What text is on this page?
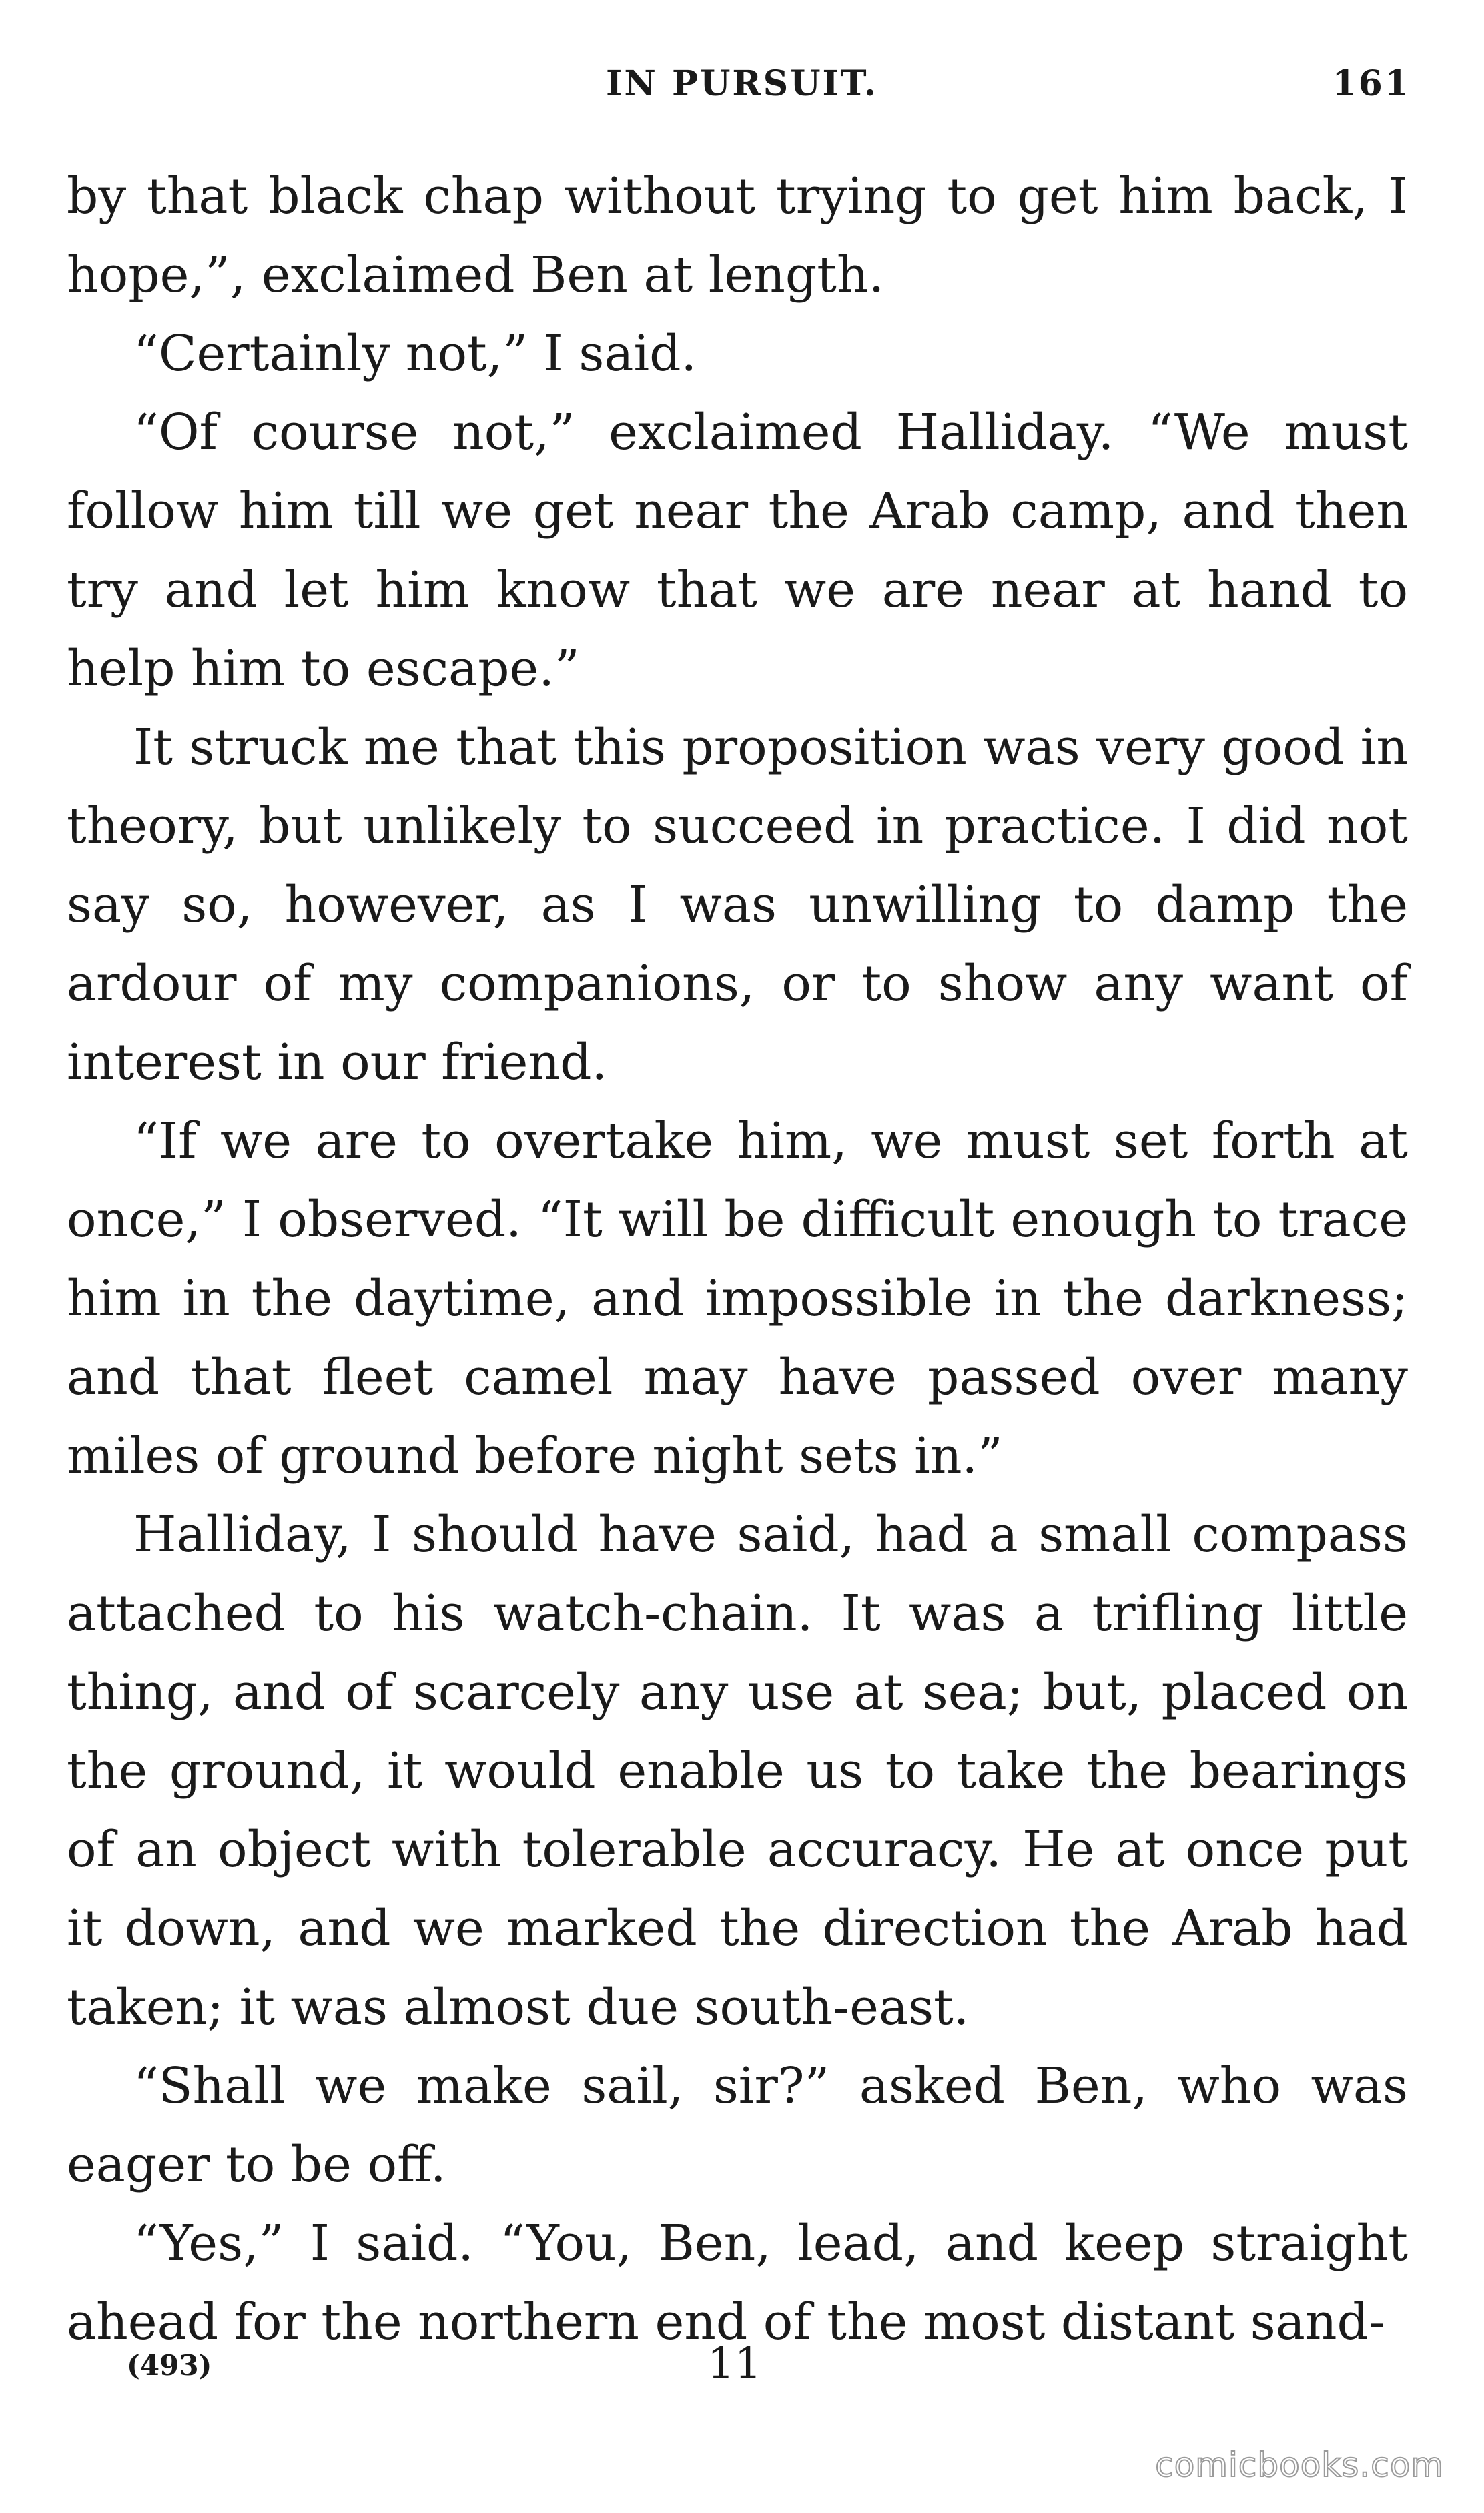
IN PURSUIT.	161

by that black chap without trying to get him back, I hope,”, exclaimed Ben at length.

“Certainly not,” I said.

“Of course not,” exclaimed Halliday. “We must follow him till we get near the Arab camp, and then try and let him know that we are near at hand to help him to escape.”

It struck me that this proposition was very good in theory, but unlikely to succeed in practice. I did not say so, however, as I was unwilling to damp the ardour of my companions, or to show any want of interest in our friend.

“If we are to overtake him, we must set forth at once,” I observed. “It will be difficult enough to trace him in the daytime, and impossible in the darkness; and that fleet camel may have passed over many miles of ground before night sets in.”

Halliday, I should have said, had a small compass attached to his watch-chain. It was a trifling little thing, and of scarcely any use at sea; but, placed on the ground, it would enable us to take the bearings of an object with tolerable accuracy. He at once put it down, and we marked the direction the Arab had taken; it was almost due south-east.

“Shall we make sail, sir?” asked Ben, who was eager to be off.

“Yes,” I said. “You, Ben, lead, and keep straight ahead for the northern end of the most distant sand-

(493)	11
comicbooks.com
